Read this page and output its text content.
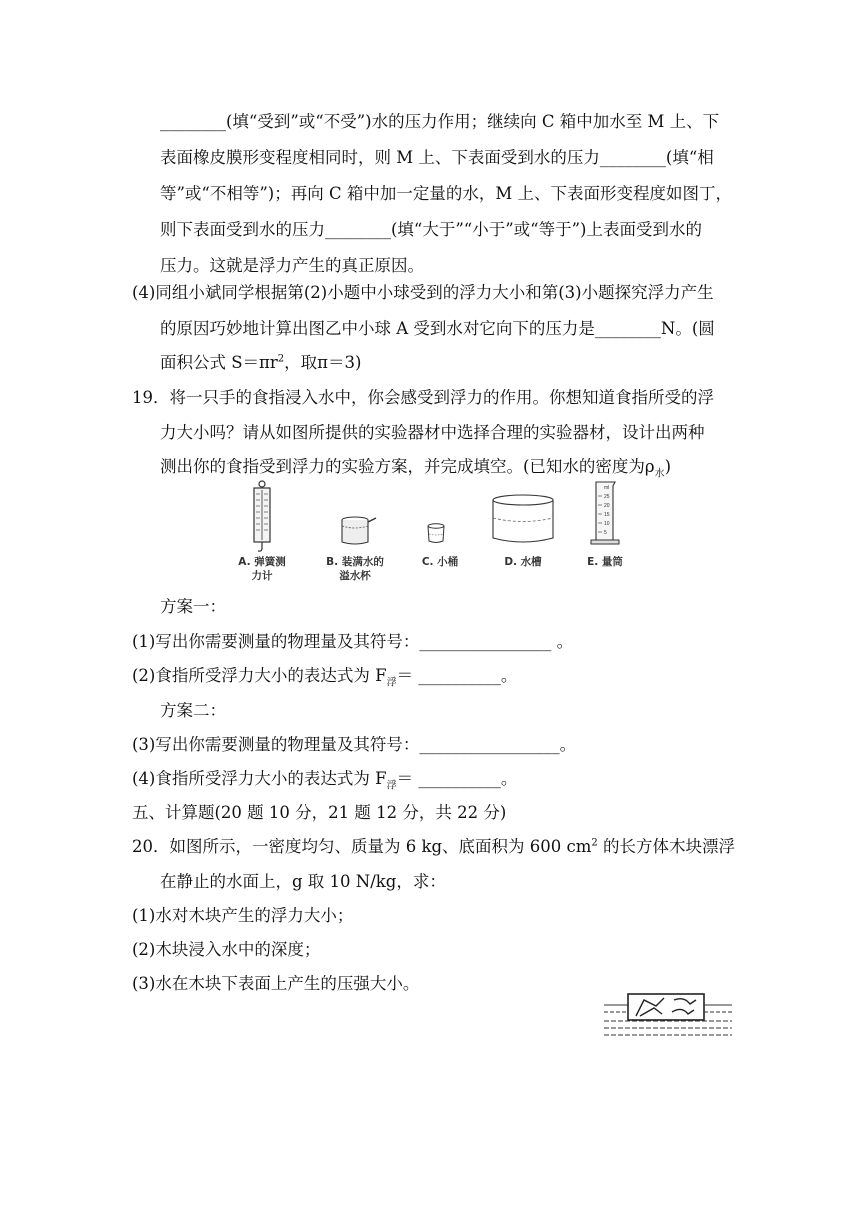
________(填“受到”或“不受”)水的压力作用；继续向 C 箱中加水至 M 上、下
表面橡皮膜形变程度相同时，则 M 上、下表面受到水的压力________(填“相
等”或“不相等”)；再向 C 箱中加一定量的水，M 上、下表面形变程度如图丁，
则下表面受到水的压力________(填“大于”“小于”或“等于”)上表面受到水的
压力。这就是浮力产生的真正原因。
(4)同组小斌同学根据第(2)小题中小球受到的浮力大小和第(3)小题探究浮力产生
的原因巧妙地计算出图乙中小球 A 受到水对它向下的压力是________N。(圆
面积公式 $S=\pi r^2$，取π＝3)
19．将一只手的食指浸入水中，你会感受到浮力的作用。你想知道食指所受的浮
力大小吗？请从如图所提供的实验器材中选择合理的实验器材，设计出两种
测出你的食指受到浮力的实验方案，并完成填空。(已知水的密度为$\rho_水$)
ml
25
20
15
10
5
A. 弹簧测
力计
B. 装满水的
溢水杯
C. 小桶	D. 水槽	E. 量筒
方案一：
(1)写出你需要测量的物理量及其符号：________________ 。
(2)食指所受浮力大小的表达式为 $F_浮=$ __________。
方案二：
(3)写出你需要测量的物理量及其符号：_________________。
(4)食指所受浮力大小的表达式为 $F_浮=$ __________。
五、计算题(20 题 10 分，21 题 12 分，共 22 分)
20．如图所示，一密度均匀、质量为 6 kg、底面积为 600 $cm^2$ 的长方体木块漂浮
在静止的水面上，g 取 10 N/kg，求：
(1)水对木块产生的浮力大小；
(2)木块浸入水中的深度；
(3)水在木块下表面上产生的压强大小。
